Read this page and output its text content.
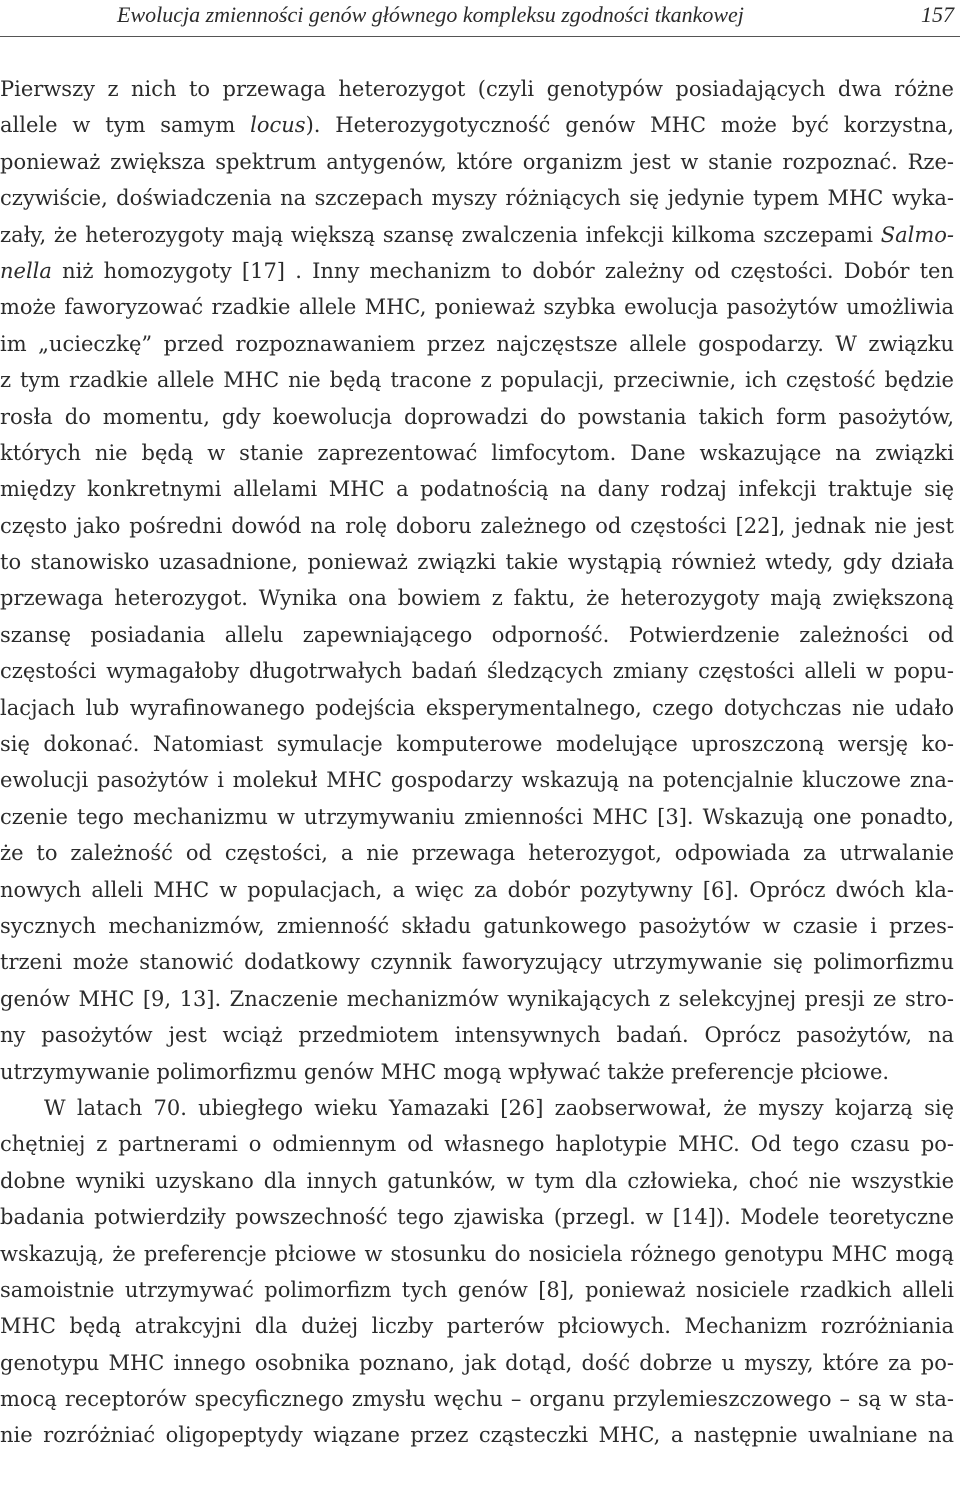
Ewolucja zmienności genów głównego kompleksu zgodności tkankowej	157
Pierwszy z nich to przewaga heterozygot (czyli genotypów posiadających dwa różne
allele w tym samym locus). Heterozygotyczność genów MHC może być korzystna,
ponieważ zwiększa spektrum antygenów, które organizm jest w stanie rozpoznać. Rze-
czywiście, doświadczenia na szczepach myszy różniących się jedynie typem MHC wyka-
zały, że heterozygoty mają większą szansę zwalczenia infekcji kilkoma szczepami Salmo-
nella niż homozygoty [17] . Inny mechanizm to dobór zależny od częstości. Dobór ten
może faworyzować rzadkie allele MHC, ponieważ szybka ewolucja pasożytów umożliwia
im „ucieczkę” przed rozpoznawaniem przez najczęstsze allele gospodarzy. W związku
z tym rzadkie allele MHC nie będą tracone z populacji, przeciwnie, ich częstość będzie
rosła do momentu, gdy koewolucja doprowadzi do powstania takich form pasożytów,
których nie będą w stanie zaprezentować limfocytom. Dane wskazujące na związki
między konkretnymi allelami MHC a podatnością na dany rodzaj infekcji traktuje się
często jako pośredni dowód na rolę doboru zależnego od częstości [22], jednak nie jest
to stanowisko uzasadnione, ponieważ związki takie wystąpią również wtedy, gdy działa
przewaga heterozygot. Wynika ona bowiem z faktu, że heterozygoty mają zwiększoną
szansę posiadania allelu zapewniającego odporność. Potwierdzenie zależności od
częstości wymagałoby długotrwałych badań śledzących zmiany częstości alleli w popu-
lacjach lub wyrafinowanego podejścia eksperymentalnego, czego dotychczas nie udało
się dokonać. Natomiast symulacje komputerowe modelujące uproszczoną wersję ko-
ewolucji pasożytów i molekuł MHC gospodarzy wskazują na potencjalnie kluczowe zna-
czenie tego mechanizmu w utrzymywaniu zmienności MHC [3]. Wskazują one ponadto,
że to zależność od częstości, a nie przewaga heterozygot, odpowiada za utrwalanie
nowych alleli MHC w populacjach, a więc za dobór pozytywny [6]. Oprócz dwóch kla-
sycznych mechanizmów, zmienność składu gatunkowego pasożytów w czasie i przes-
trzeni może stanowić dodatkowy czynnik faworyzujący utrzymywanie się polimorfizmu
genów MHC [9, 13]. Znaczenie mechanizmów wynikających z selekcyjnej presji ze stro-
ny pasożytów jest wciąż przedmiotem intensywnych badań. Oprócz pasożytów, na
utrzymywanie polimorfizmu genów MHC mogą wpływać także preferencje płciowe.
W latach 70. ubiegłego wieku Yamazaki [26] zaobserwował, że myszy kojarzą się
chętniej z partnerami o odmiennym od własnego haplotypie MHC. Od tego czasu po-
dobne wyniki uzyskano dla innych gatunków, w tym dla człowieka, choć nie wszystkie
badania potwierdziły powszechność tego zjawiska (przegl. w [14]). Modele teoretyczne
wskazują, że preferencje płciowe w stosunku do nosiciela różnego genotypu MHC mogą
samoistnie utrzymywać polimorfizm tych genów [8], ponieważ nosiciele rzadkich alleli
MHC będą atrakcyjni dla dużej liczby parterów płciowych. Mechanizm rozróżniania
genotypu MHC innego osobnika poznano, jak dotąd, dość dobrze u myszy, które za po-
mocą receptorów specyficznego zmysłu węchu – organu przylemieszczowego – są w sta-
nie rozróżniać oligopeptydy wiązane przez cząsteczki MHC, a następnie uwalniane na
